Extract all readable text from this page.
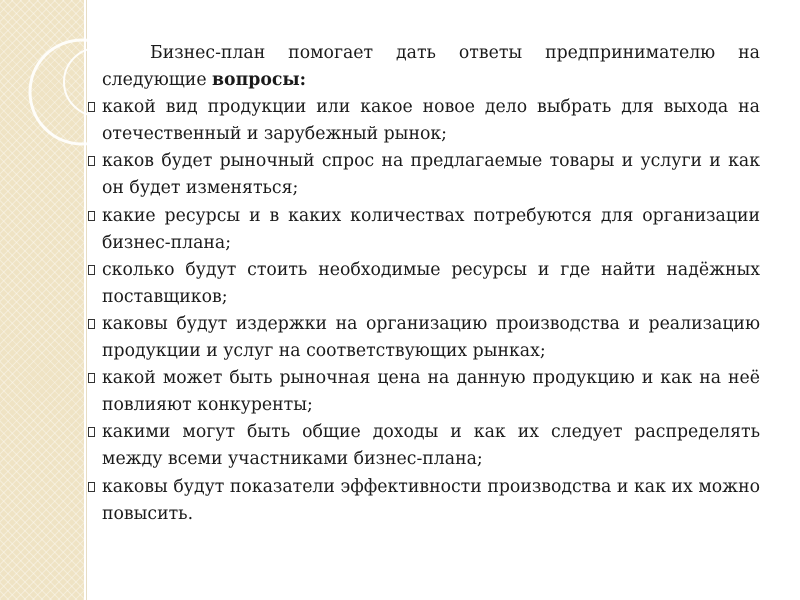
Бизнес-план помогает дать ответы предпринимателю на следующие вопросы:

какой вид продукции или какое новое дело выбрать для выхода на отечественный и зарубежный рынок;
каков будет рыночный спрос на предлагаемые товары и услуги и как он будет изменяться;
какие ресурсы и в каких количествах потребуются для организации бизнес-плана;
сколько будут стоить необходимые ресурсы и где найти надёжных поставщиков;
каковы будут издержки на организацию производства и реализацию продукции и услуг на соответствующих рынках;
какой может быть рыночная цена на данную продукцию и как на неё повлияют конкуренты;
какими могут быть общие доходы и как их следует распределять между всеми участниками бизнес-плана;
каковы будут показатели эффективности производства и как их можно повысить.
